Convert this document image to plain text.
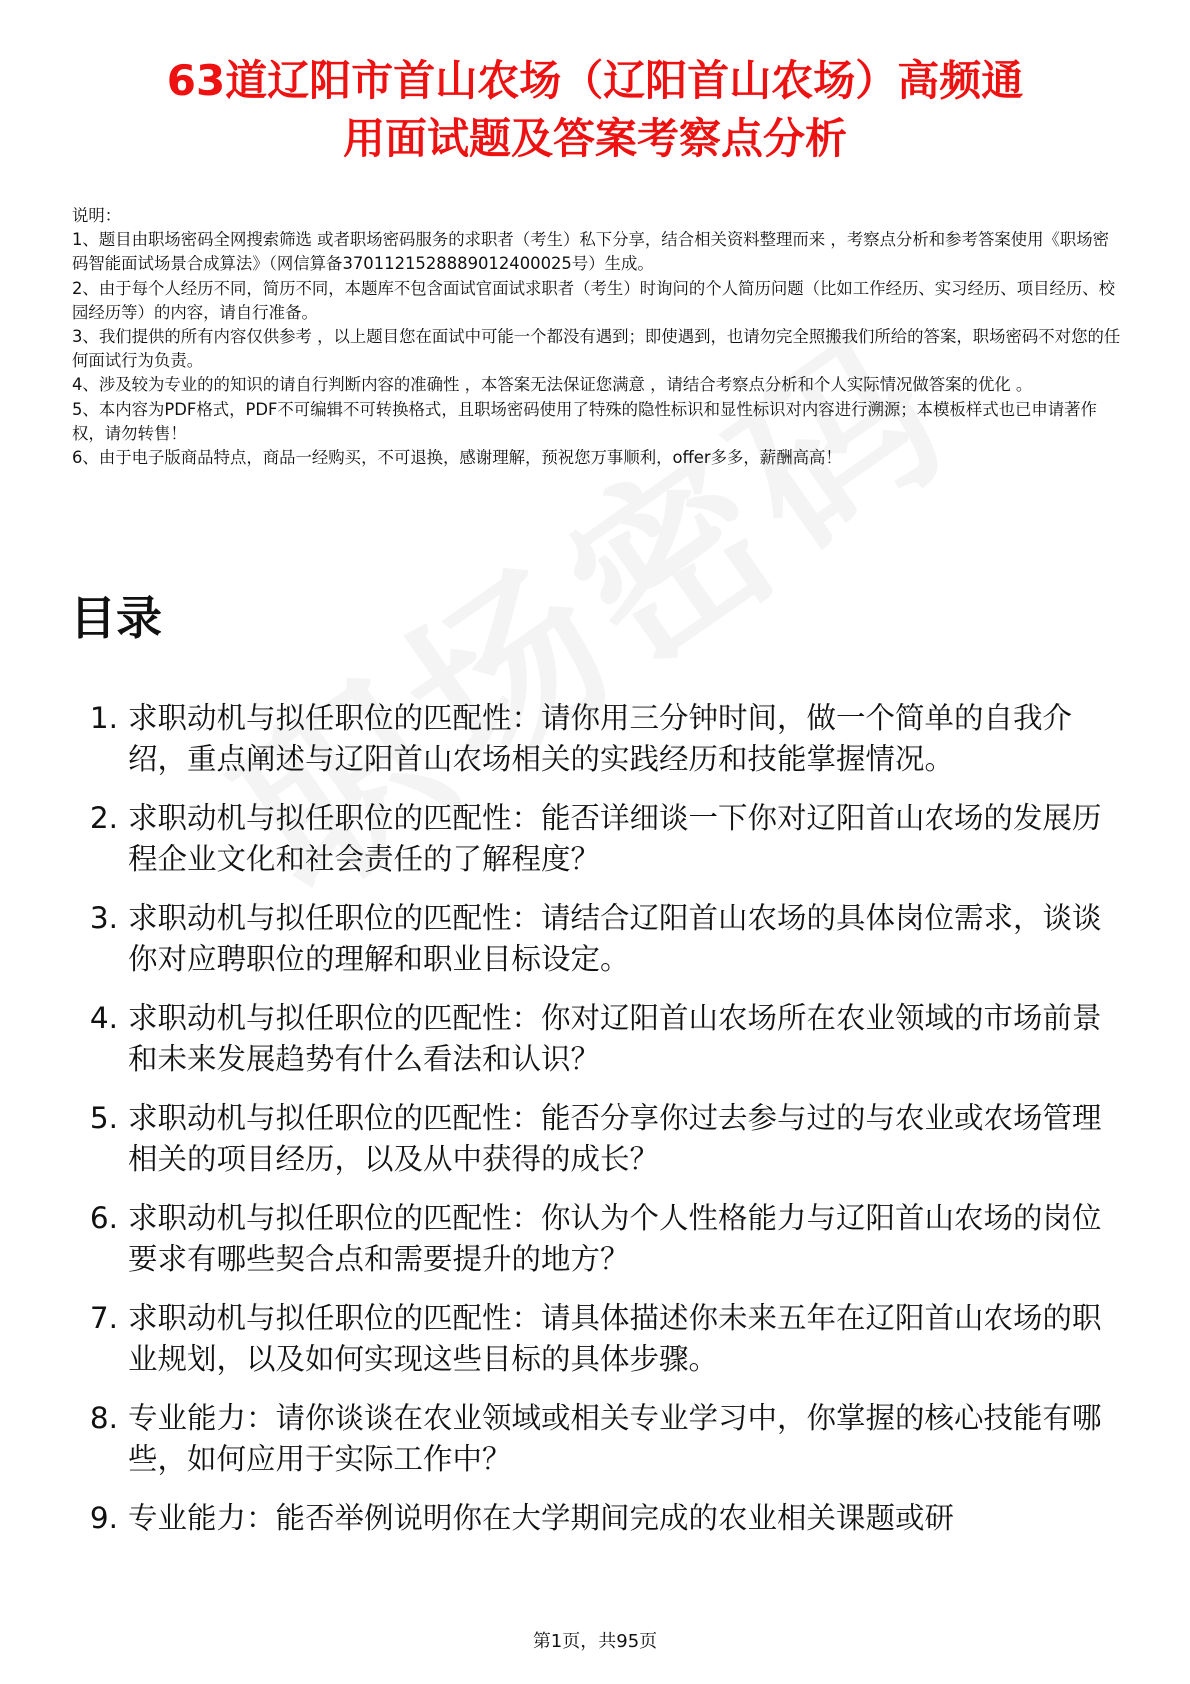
63道辽阳市首山农场（辽阳首山农场）高频通
用面试题及答案考察点分析

说明：

1、题目由职场密码全网搜索筛选 或者职场密码服务的求职者（考生）私下分享，结合相关资料整理而来 ，考察点分析和参考答案使用《职场密码智能面试场景合成算法》（网信算备3701121528889012400025号）生成。

2、由于每个人经历不同，简历不同，本题库不包含面试官面试求职者（考生）时询问的个人简历问题（比如工作经历、实习经历、项目经历、校园经历等）的内容，请自行准备。

3、我们提供的所有内容仅供参考 ，以上题目您在面试中可能一个都没有遇到；即使遇到，也请勿完全照搬我们所给的答案，职场密码不对您的任何面试行为负责。

4、涉及较为专业的的知识的请自行判断内容的准确性 ，本答案无法保证您满意 ，请结合考察点分析和个人实际情况做答案的优化 。

5、本内容为PDF格式，PDF不可编辑不可转换格式，且职场密码使用了特殊的隐性标识和显性标识对内容进行溯源；本模板样式也已申请著作权，请勿转售！

6、由于电子版商品特点，商品一经购买，不可退换，感谢理解，预祝您万事顺利，offer多多，薪酬高高！

目录
1. 求职动机与拟任职位的匹配性：请你用三分钟时间，做一个简单的自我介绍，重点阐述与辽阳首山农场相关的实践经历和技能掌握情况。
2. 求职动机与拟任职位的匹配性：能否详细谈一下你对辽阳首山农场的发展历程企业文化和社会责任的了解程度？
3. 求职动机与拟任职位的匹配性：请结合辽阳首山农场的具体岗位需求，谈谈你对应聘职位的理解和职业目标设定。
4. 求职动机与拟任职位的匹配性：你对辽阳首山农场所在农业领域的市场前景和未来发展趋势有什么看法和认识？
5. 求职动机与拟任职位的匹配性：能否分享你过去参与过的与农业或农场管理相关的项目经历，以及从中获得的成长？
6. 求职动机与拟任职位的匹配性：你认为个人性格能力与辽阳首山农场的岗位要求有哪些契合点和需要提升的地方？
7. 求职动机与拟任职位的匹配性：请具体描述你未来五年在辽阳首山农场的职业规划，以及如何实现这些目标的具体步骤。
8. 专业能力：请你谈谈在农业领域或相关专业学习中，你掌握的核心技能有哪些，如何应用于实际工作中？
9. 专业能力：能否举例说明你在大学期间完成的农业相关课题或研
第1页，共95页
